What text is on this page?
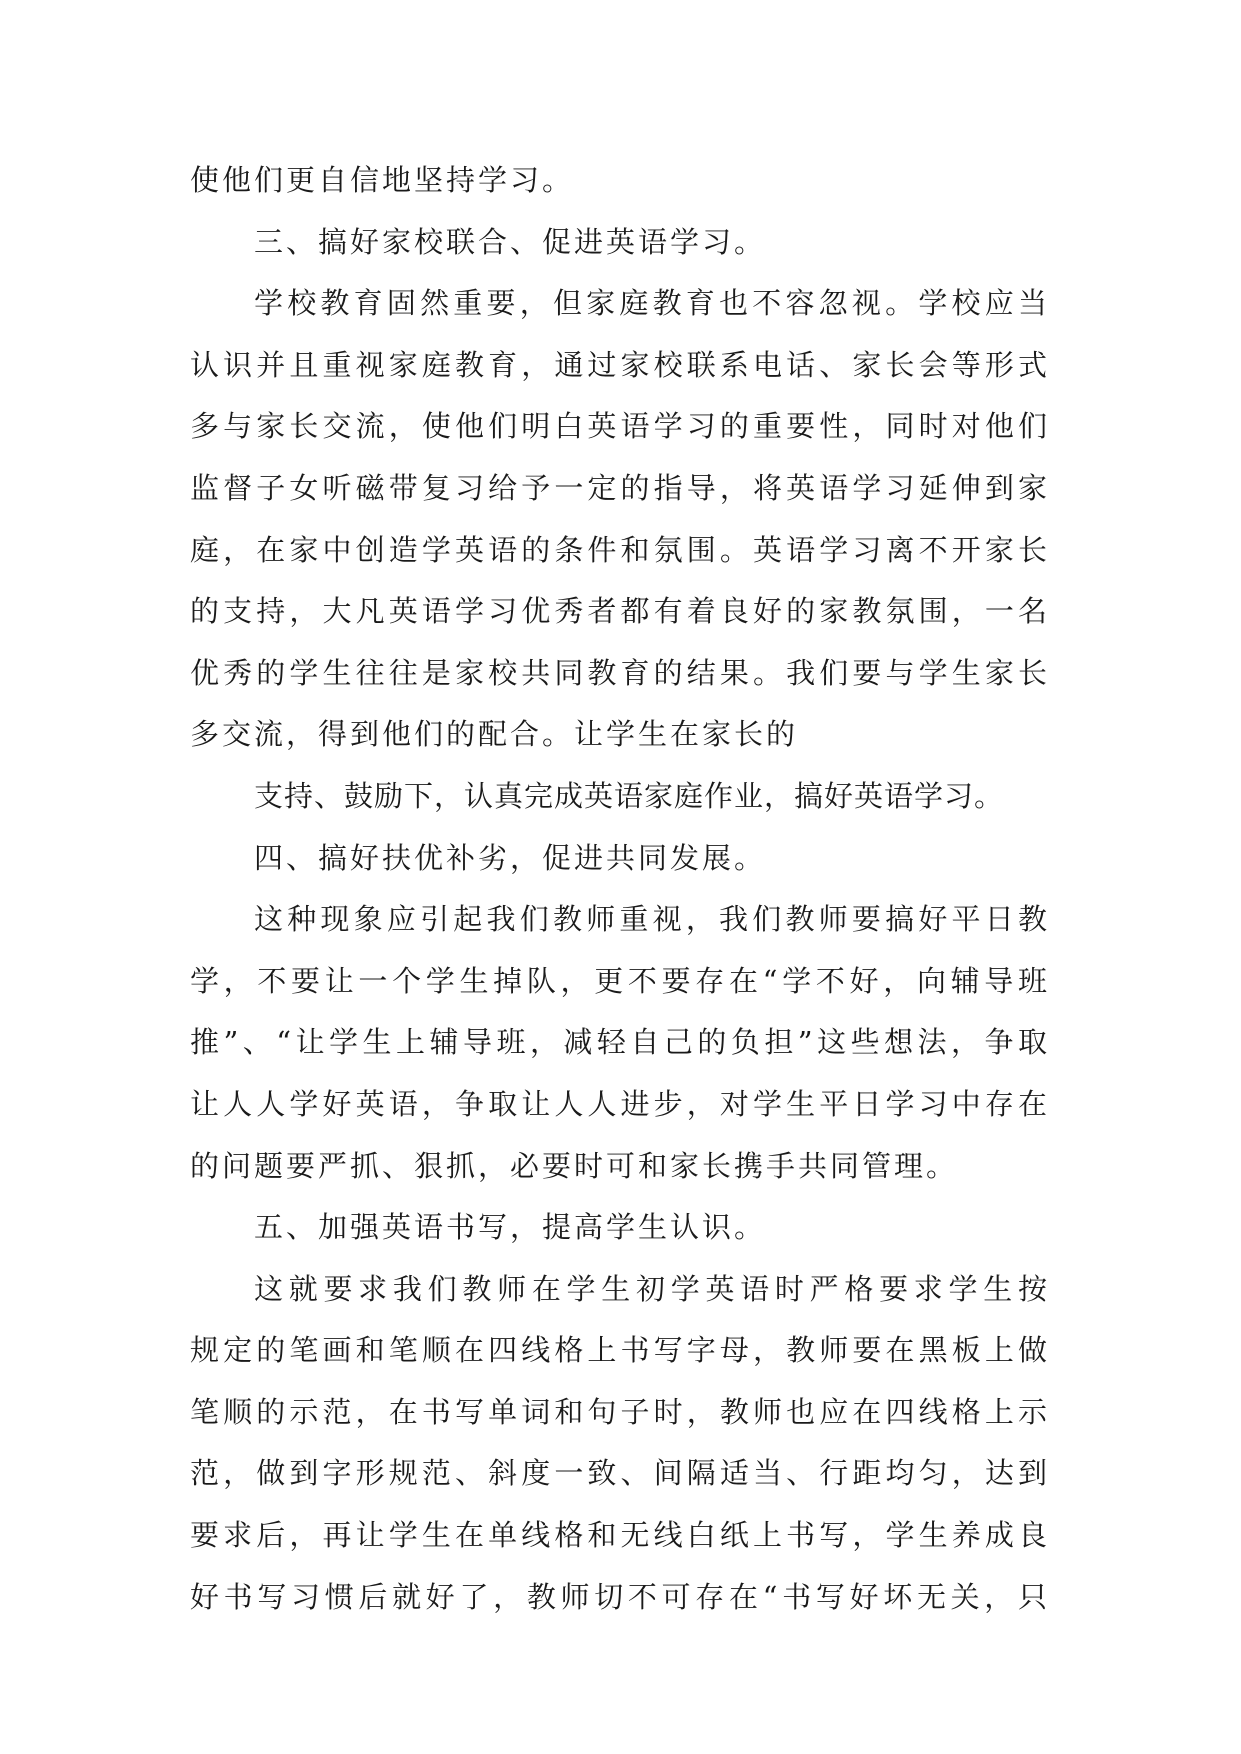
使他们更自信地坚持学习。
三、搞好家校联合、促进英语学习。
学校教育固然重要，但家庭教育也不容忽视。学校应当
认识并且重视家庭教育，通过家校联系电话、家长会等形式
多与家长交流，使他们明白英语学习的重要性，同时对他们
监督子女听磁带复习给予一定的指导，将英语学习延伸到家
庭，在家中创造学英语的条件和氛围。英语学习离不开家长
的支持，大凡英语学习优秀者都有着良好的家教氛围，一名
优秀的学生往往是家校共同教育的结果。我们要与学生家长
多交流，得到他们的配合。让学生在家长的
支持、鼓励下，认真完成英语家庭作业，搞好英语学习。
四、搞好扶优补劣，促进共同发展。
这种现象应引起我们教师重视，我们教师要搞好平日教
学，不要让一个学生掉队，更不要存在“学不好，向辅导班
推”、“让学生上辅导班，减轻自己的负担”这些想法，争取
让人人学好英语，争取让人人进步，对学生平日学习中存在
的问题要严抓、狠抓，必要时可和家长携手共同管理。
五、加强英语书写，提高学生认识。
这就要求我们教师在学生初学英语时严格要求学生按
规定的笔画和笔顺在四线格上书写字母，教师要在黑板上做
笔顺的示范，在书写单词和句子时，教师也应在四线格上示
范，做到字形规范、斜度一致、间隔适当、行距均匀，达到
要求后，再让学生在单线格和无线白纸上书写，学生养成良
好书写习惯后就好了，教师切不可存在“书写好坏无关，只
